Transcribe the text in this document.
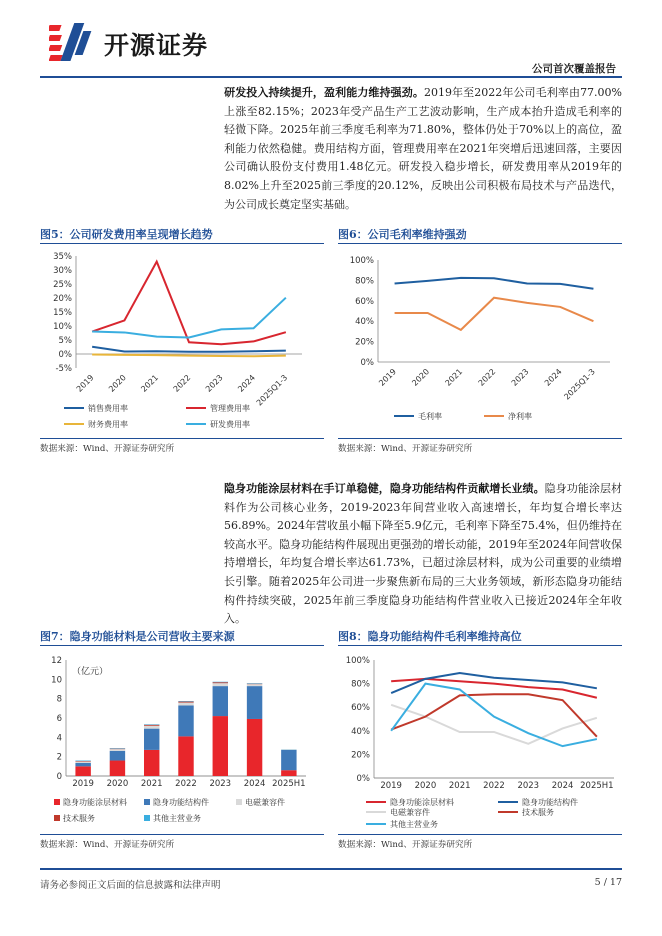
开源证券
公司首次覆盖报告
研发投入持续提升，盈利能力维持强劲。2019年至2022年公司毛利率由77.00%上涨至82.15%；2023年受产品生产工艺波动影响，生产成本抬升造成毛利率的轻微下降。2025年前三季度毛利率为71.80%，整体仍处于70%以上的高位，盈利能力依然稳健。费用结构方面，管理费用率在2021年突增后迅速回落，主要因公司确认股份支付费用1.48亿元。研发投入稳步增长，研发费用率从2019年的8.02%上升至2025前三季度的20.12%，反映出公司积极布局技术与产品迭代，为公司成长奠定坚实基础。
图5：公司研发费用率呈现增长趋势
-5%
0%
5%
10%
15%
20%
25%
30%
35%
2019 2020 2021 2022 2023 2024
2025Q1-3
销售费用率	管理费用率
财务费用率	研发费用率
数据来源：Wind、开源证券研究所
图6：公司毛利率维持强劲
0%
20%
40%
60%
80%
100%
2019 2020 2021 2022 2023 2024
2025Q1-3
毛利率	净利率
数据来源：Wind、开源证券研究所
隐身功能涂层材料在手订单稳健，隐身功能结构件贡献增长业绩。隐身功能涂层材料作为公司核心业务，2019-2023年间营业收入高速增长，年均复合增长率达56.89%。2024年营收虽小幅下降至5.9亿元，毛利率下降至75.4%，但仍维持在较高水平。隐身功能结构件展现出更强劲的增长动能，2019年至2024年间营收保持增增长，年均复合增长率达61.73%，已超过涂层材料，成为公司重要的业绩增长引擎。随着2025年公司进一步聚焦新布局的三大业务领域，新形态隐身功能结构件持续突破，2025年前三季度隐身功能结构件营业收入已接近2024年全年收入。
图7：隐身功能材料是公司营收主要来源
0
2
4
6
8
10
12
2019 2020 2021 2022 2023 2024 2025H1
（亿元）
隐身功能涂层材料	隐身功能结构件	电磁兼容件
技术服务	其他主营业务
数据来源：Wind、开源证券研究所
图8：隐身功能结构件毛利率维持高位
0%
20%
40%
60%
80%
100%
2019 2020 2021 2022 2023 2024 2025H1
隐身功能涂层材料	隐身功能结构件
电磁兼容件	技术服务
其他主营业务
数据来源：Wind、开源证券研究所
请务必参阅正文后面的信息披露和法律声明	5 / 17
